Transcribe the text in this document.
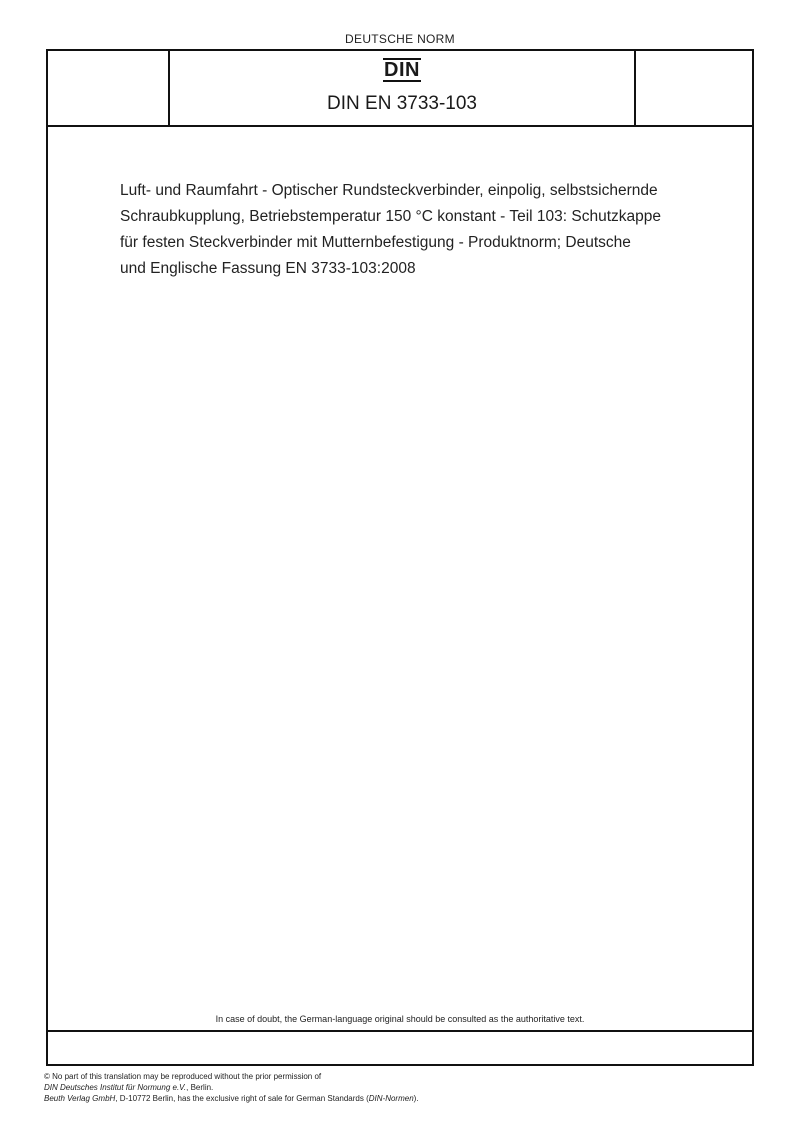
DEUTSCHE NORM
DIN
DIN EN 3733-103
Luft- und Raumfahrt - Optischer Rundsteckverbinder, einpolig, selbstsichernde
Schraubkupplung, Betriebstemperatur 150 °C konstant - Teil 103: Schutzkappe
für festen Steckverbinder mit Mutternbefestigung - Produktnorm; Deutsche
und Englische Fassung EN 3733-103:2008
In case of doubt, the German-language original should be consulted as the authoritative text.
© No part of this translation may be reproduced without the prior permission of
DIN Deutsches Institut für Normung e.V., Berlin.
Beuth Verlag GmbH, D-10772 Berlin, has the exclusive right of sale for German Standards (DIN-Normen).
